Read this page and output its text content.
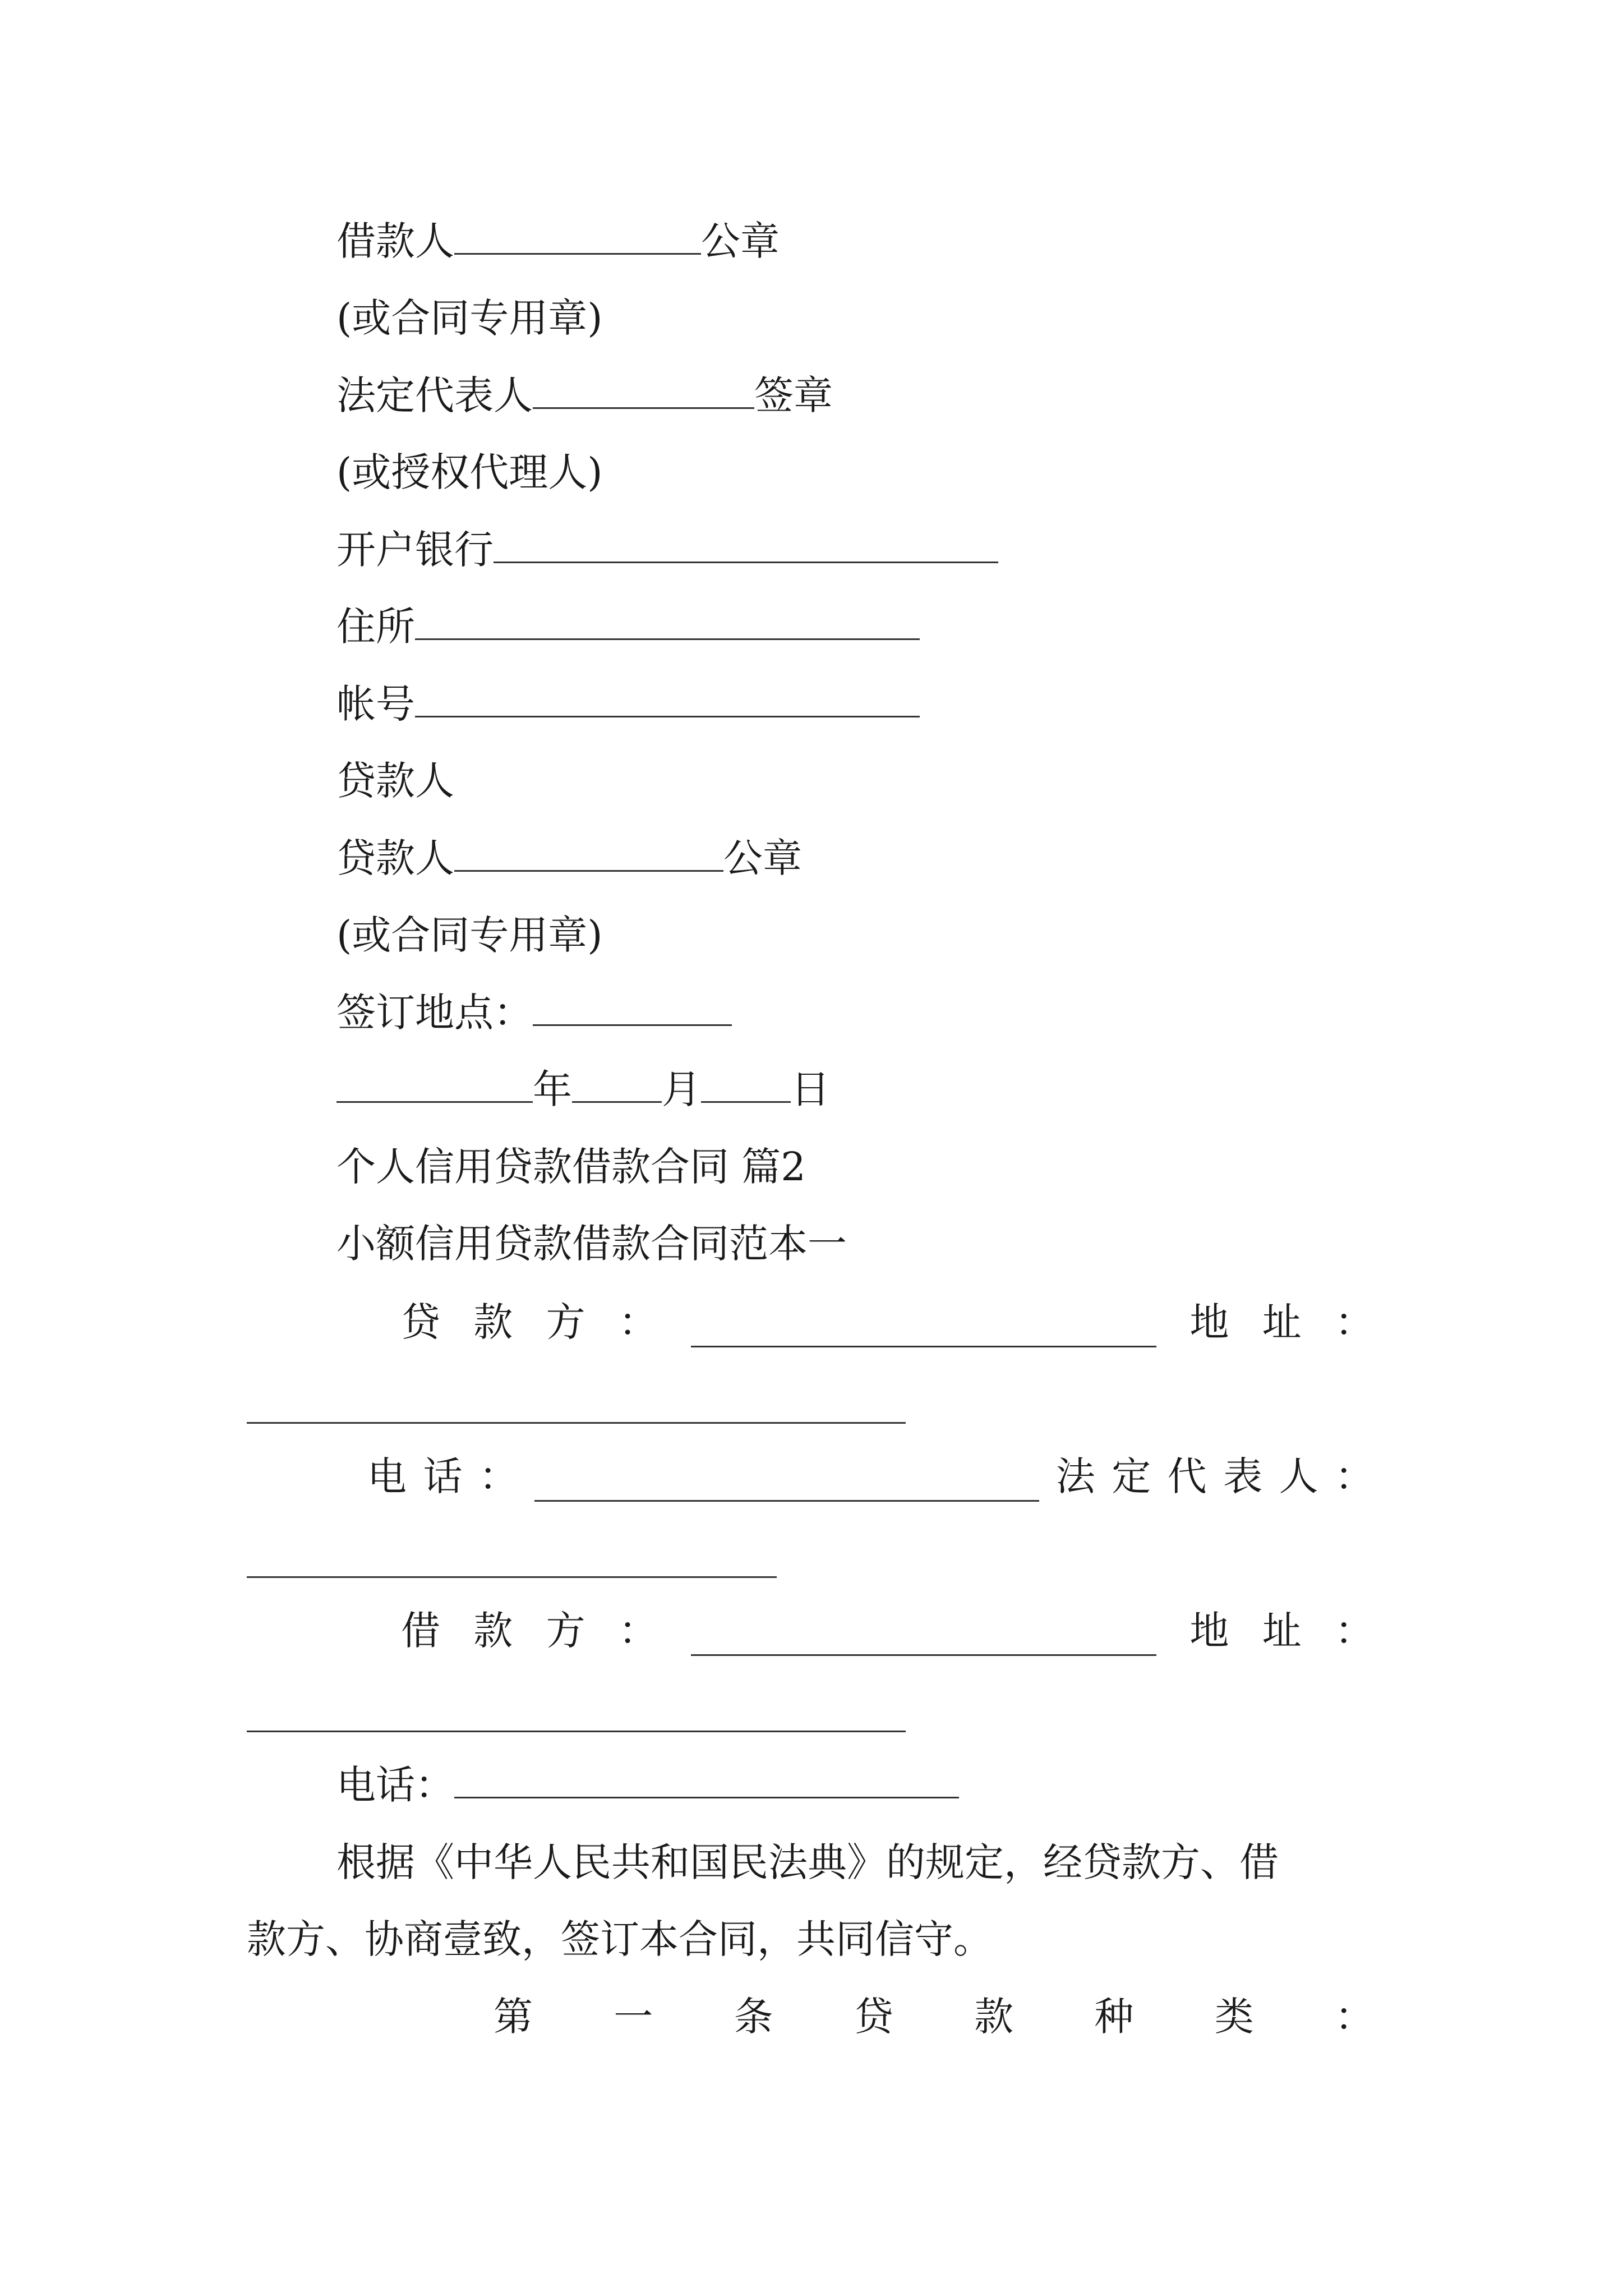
借款人	公章
(或合同专用章)
法定代表人	签章
(或授权代理人)
开户银行
住所
帐号
贷款人
贷款人	公章
(或合同专用章)
签订地点：
年 月 日
个人信用贷款借款合同 篇2
小额信用贷款借款合同范本一
贷 款 方 ：	地 址 ：
电 话 ：	法 定 代 表 人 ：
借 款 方 ：	地 址 ：
电话：
根据《中华人民共和国民法典》的规定，经贷款方、借
款方、协商壹致，签订本合同，共同信守。
第 一 条 贷 款 种 类 ：
